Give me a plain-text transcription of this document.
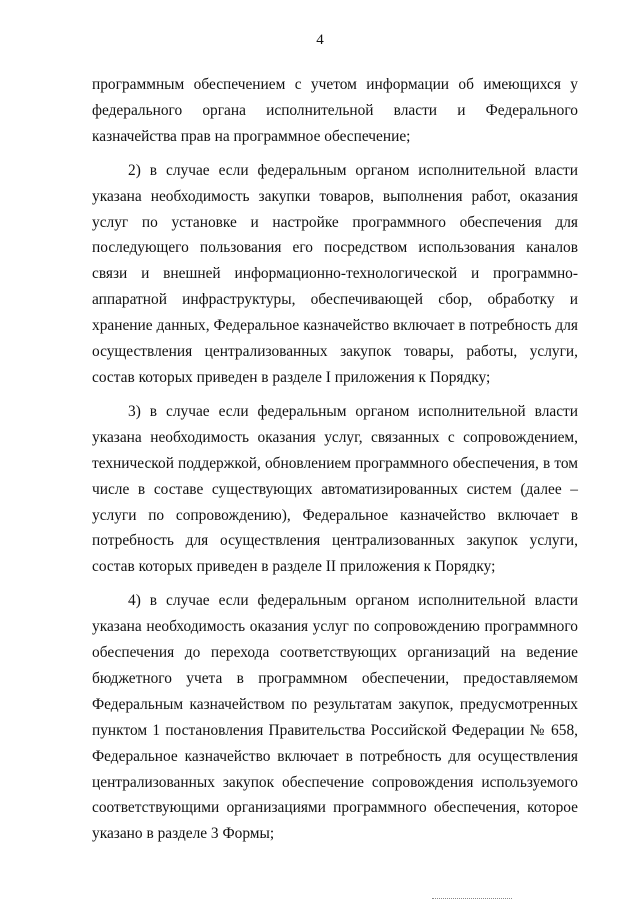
4

программным обеспечением с учетом информации об имеющихся у федерального органа исполнительной власти и Федерального казначейства прав на программное обеспечение;

2) в случае если федеральным органом исполнительной власти указана необходимость закупки товаров, выполнения работ, оказания услуг по установке и настройке программного обеспечения для последующего пользования его посредством использования каналов связи и внешней информационно-технологической и программно-аппаратной инфраструктуры, обеспечивающей сбор, обработку и хранение данных, Федеральное казначейство включает в потребность для осуществления централизованных закупок товары, работы, услуги, состав которых приведен в разделе I приложения к Порядку;

3) в случае если федеральным органом исполнительной власти указана необходимость оказания услуг, связанных с сопровождением, технической поддержкой, обновлением программного обеспечения, в том числе в составе существующих автоматизированных систем (далее – услуги по сопровождению), Федеральное казначейство включает в потребность для осуществления централизованных закупок услуги, состав которых приведен в разделе II приложения к Порядку;

4) в случае если федеральным органом исполнительной власти указана необходимость оказания услуг по сопровождению программного обеспечения до перехода соответствующих организаций на ведение бюджетного учета в программном обеспечении, предоставляемом Федеральным казначейством по результатам закупок, предусмотренных пунктом 1 постановления Правительства Российской Федерации № 658, Федеральное казначейство включает в потребность для осуществления централизованных закупок обеспечение сопровождения используемого соответствующими организациями программного обеспечения, которое указано в разделе 3 Формы;
